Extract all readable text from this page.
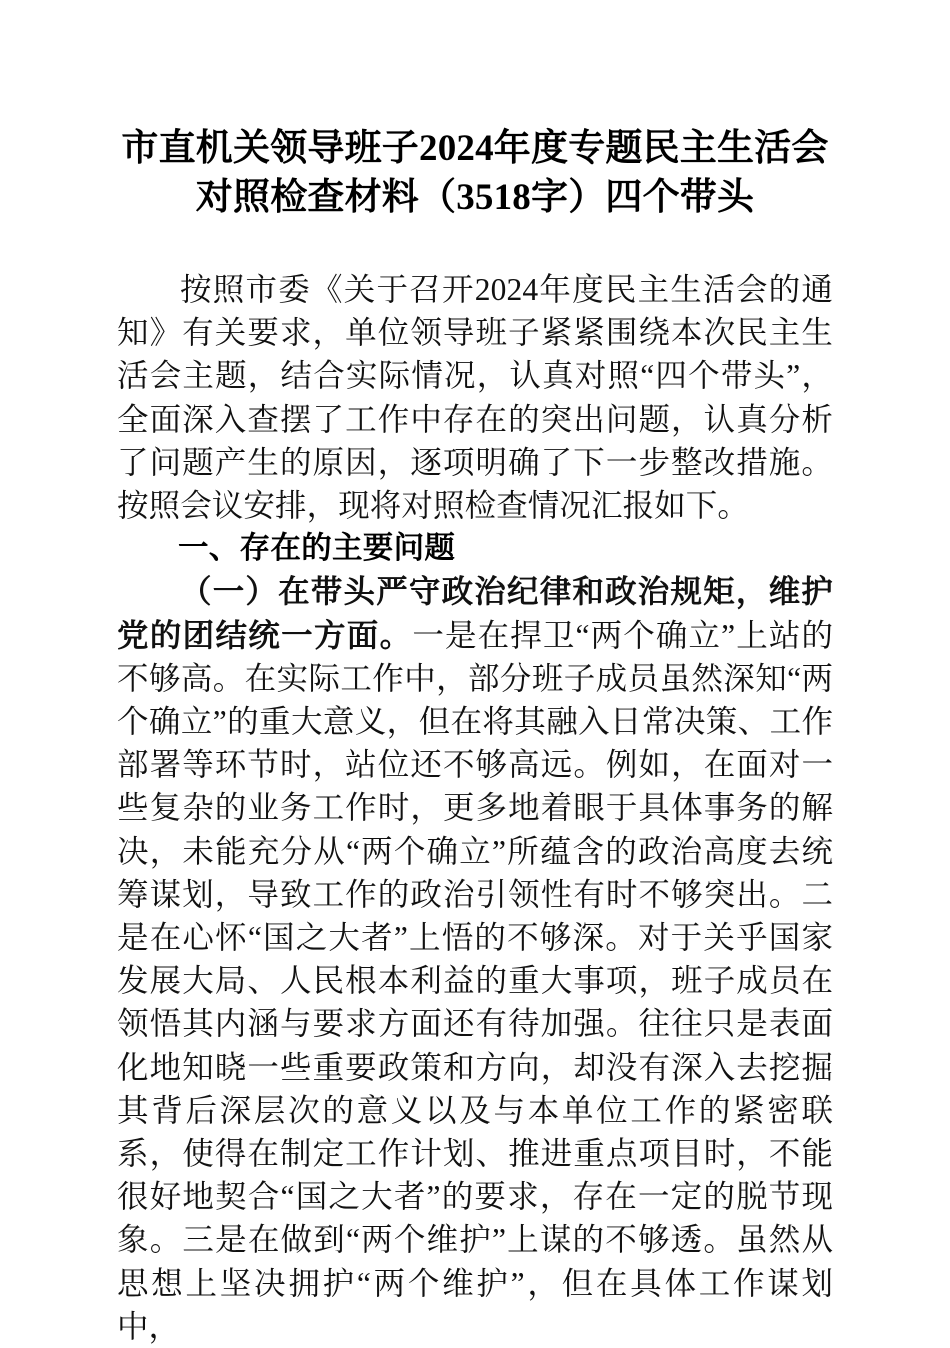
市直机关领导班子2024年度专题民主生活会
对照检查材料（3518字）四个带头

按照市委《关于召开2024年度民主生活会的通知》有关要求，单位领导班子紧紧围绕本次民主生活会主题，结合实际情况，认真对照“四个带头”，全面深入查摆了工作中存在的突出问题，认真分析了问题产生的原因，逐项明确了下一步整改措施。按照会议安排，现将对照检查情况汇报如下。

一、存在的主要问题

（一）在带头严守政治纪律和政治规矩，维护党的团结统一方面。一是在捍卫“两个确立”上站的不够高。在实际工作中，部分班子成员虽然深知“两个确立”的重大意义，但在将其融入日常决策、工作部署等环节时，站位还不够高远。例如，在面对一些复杂的业务工作时，更多地着眼于具体事务的解决，未能充分从“两个确立”所蕴含的政治高度去统筹谋划，导致工作的政治引领性有时不够突出。二是在心怀“国之大者”上悟的不够深。对于关乎国家发展大局、人民根本利益的重大事项，班子成员在领悟其内涵与要求方面还有待加强。往往只是表面化地知晓一些重要政策和方向，却没有深入去挖掘其背后深层次的意义以及与本单位工作的紧密联系，使得在制定工作计划、推进重点项目时，不能很好地契合“国之大者”的要求，存在一定的脱节现象。三是在做到“两个维护”上谋的不够透。虽然从思想上坚决拥护“两个维护”，但在具体工作谋划中，
